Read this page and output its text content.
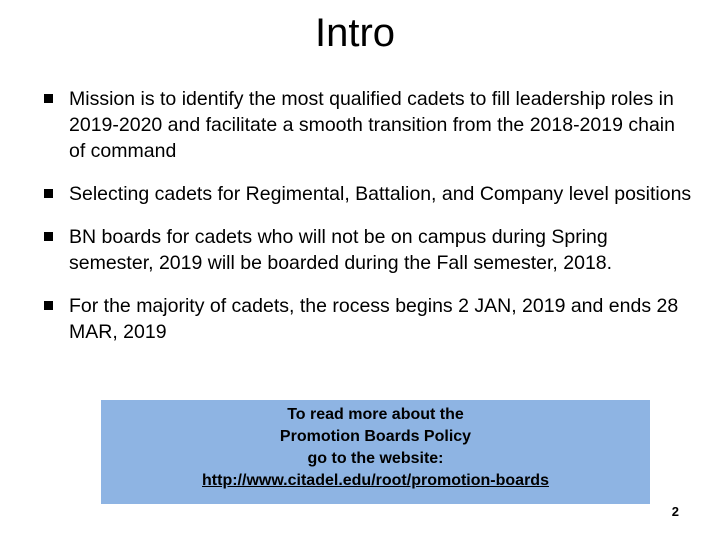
Intro
Mission is to identify the most qualified cadets to fill leadership roles in 2019-2020 and facilitate a smooth transition from the 2018-2019 chain of command
Selecting cadets for Regimental, Battalion, and Company level positions
BN boards for cadets who will not be on campus during Spring semester, 2019 will be boarded during the Fall semester, 2018.
For the majority of cadets, the rocess begins 2 JAN, 2019 and ends 28 MAR, 2019
To read more about the
Promotion Boards Policy
go to the website:
http://www.citadel.edu/root/promotion-boards
2
